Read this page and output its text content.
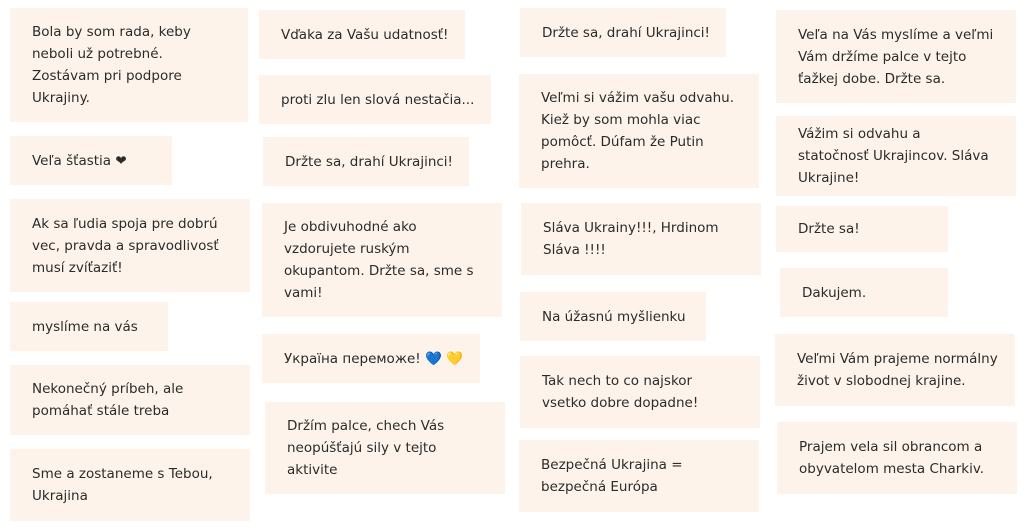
Bola by som rada, keby neboli už potrebné. Zostávam pri podpore Ukrajiny.
Veľa šťastia ❤
Ak sa ľudia spoja pre dobrú vec, pravda a spravodlivosť musí zvíťaziť!
myslíme na vás
Nekonečný príbeh, ale pomáhať stále treba
Sme a zostaneme s Tebou, Ukrajina
Vďaka za Vašu udatnosť!
proti zlu len slová nestačia...
Držte sa, drahí Ukrajinci!
Je obdivuhodné ako vzdorujete ruským okupantom. Držte sa, sme s vami!
Україна переможе! 💙 💛
Držím palce, chech Vás neopúšťajú sily v tejto aktivite
Držte sa, drahí Ukrajinci!
Veľmi si vážim vašu odvahu. Kiež by som mohla viac pomôcť. Dúfam že Putin prehra.
Sláva Ukrainy!!!, Hrdinom Sláva !!!!
Na úžasnú myšlienku
Tak nech to co najskor vsetko dobre dopadne!
Bezpečná Ukrajina = bezpečná Európa
Veľa na Vás myslíme a veľmi Vám držíme palce v tejto ťažkej dobe. Držte sa.
Vážim si odvahu a statočnosť Ukrajincov. Sláva Ukrajine!
Držte sa!
Dakujem.
Veľmi Vám prajeme normálny život v slobodnej krajine.
Prajem vela sil obrancom a obyvatelom mesta Charkiv.
